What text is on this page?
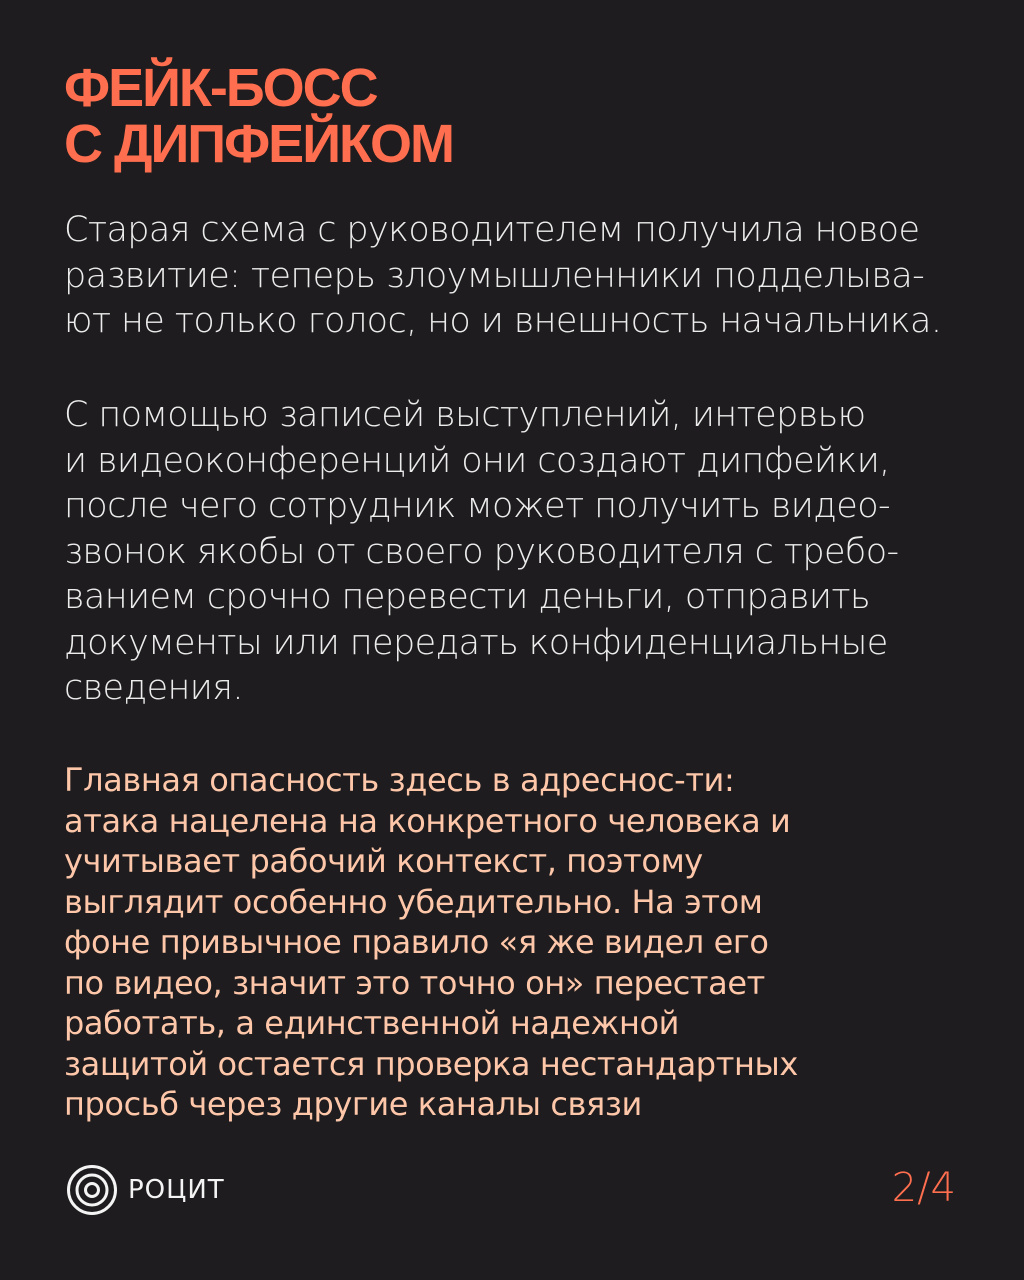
ФЕЙК-БОСС
С ДИПФЕЙКОМ
Старая схема с руководителем получила новое
развитие: теперь злоумышленники подделыва-
ют не только голос, но и внешность начальника.
С помощью записей выступлений, интервью
и видеоконференций они создают дипфейки,
после чего сотрудник может получить видео-
звонок якобы от своего руководителя с требо-
ванием срочно перевести деньги, отправить
документы или передать конфиденциальные
сведения.
Главная опасность здесь в адреснос-ти:
атака нацелена на конкретного человека и
учитывает рабочий контекст, поэтому
выглядит особенно убедительно. На этом
фоне привычное правило «я же видел его
по видео, значит это точно он» перестает
работать, а единственной надежной
защитой остается проверка нестандартных
просьб через другие каналы связи
РОЦИТ	2/4
